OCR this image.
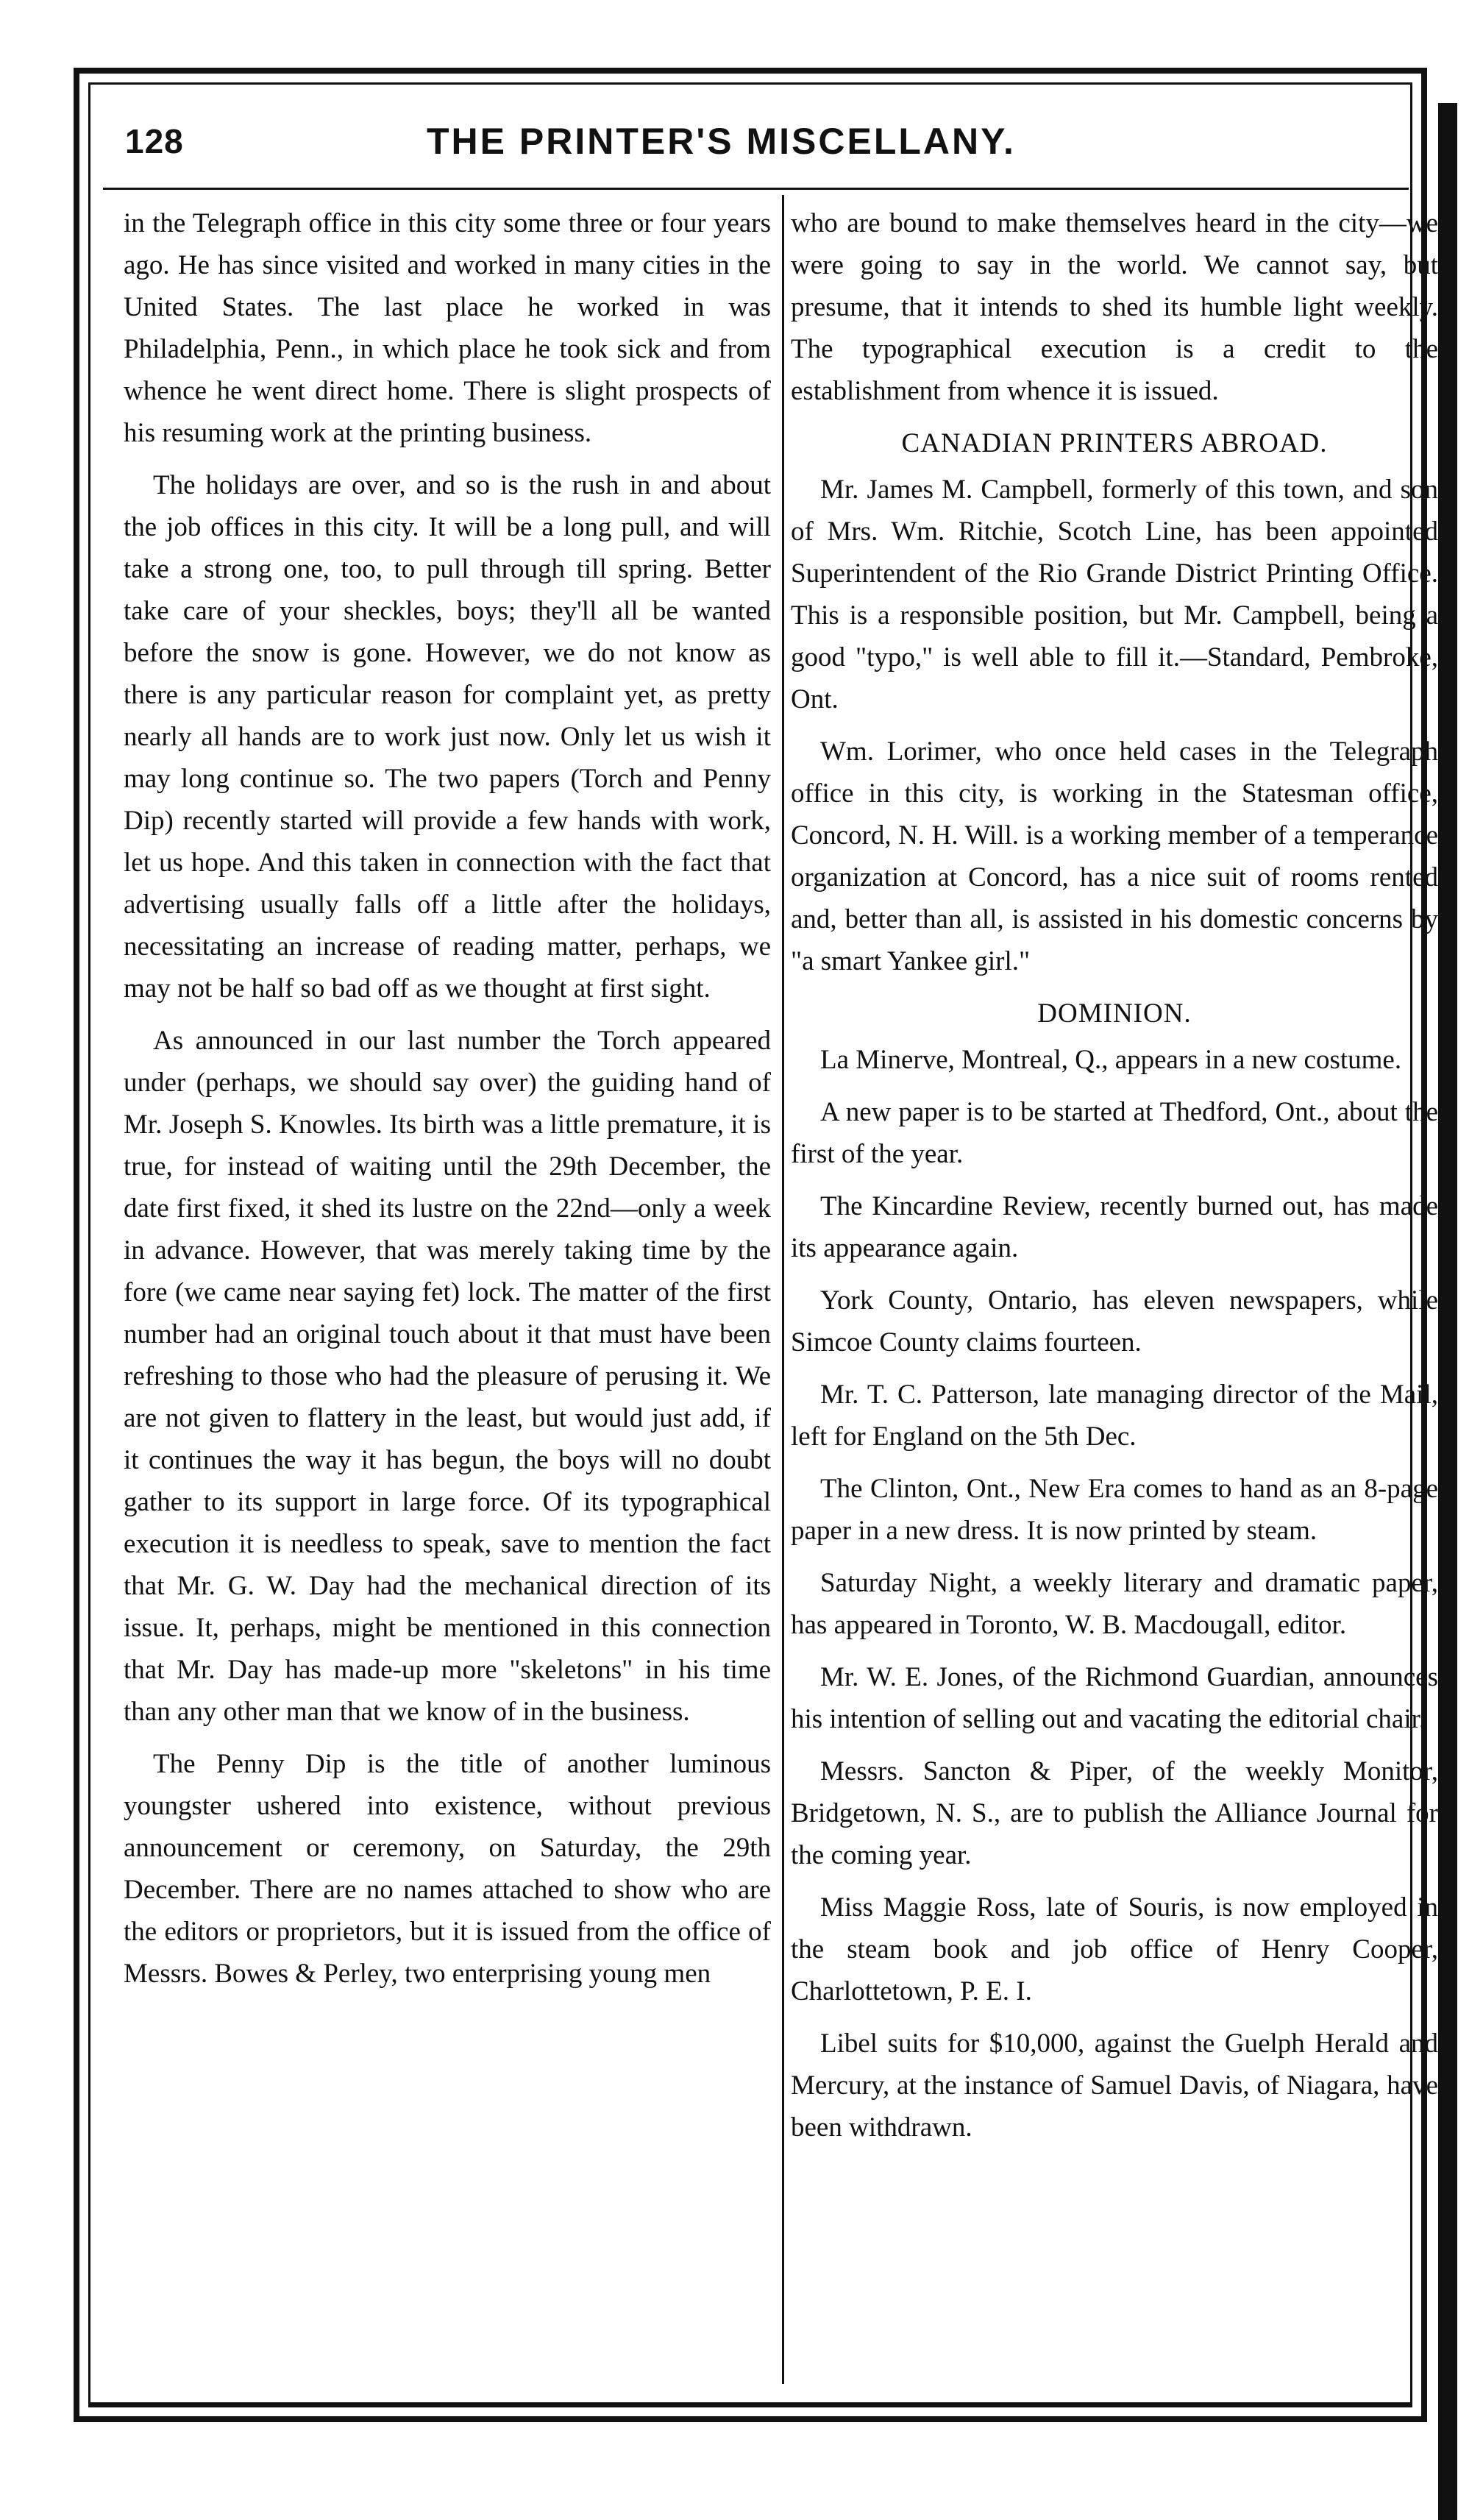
128	THE PRINTER'S MISCELLANY.

in the Telegraph office in this city some three or four years ago. He has since visited and worked in many cities in the United States. The last place he worked in was Philadelphia, Penn., in which place he took sick and from whence he went direct home. There is slight prospects of his resuming work at the printing business.

The holidays are over, and so is the rush in and about the job offices in this city. It will be a long pull, and will take a strong one, too, to pull through till spring. Better take care of your sheckles, boys; they'll all be wanted before the snow is gone. However, we do not know as there is any particular reason for complaint yet, as pretty nearly all hands are to work just now. Only let us wish it may long continue so. The two papers (Torch and Penny Dip) recently started will provide a few hands with work, let us hope. And this taken in connection with the fact that advertising usually falls off a little after the holidays, necessitating an increase of reading matter, perhaps, we may not be half so bad off as we thought at first sight.

As announced in our last number the Torch appeared under (perhaps, we should say over) the guiding hand of Mr. Joseph S. Knowles. Its birth was a little premature, it is true, for instead of waiting until the 29th December, the date first fixed, it shed its lustre on the 22nd—only a week in advance. However, that was merely taking time by the fore (we came near saying fet) lock. The matter of the first number had an original touch about it that must have been refreshing to those who had the pleasure of perusing it. We are not given to flattery in the least, but would just add, if it continues the way it has begun, the boys will no doubt gather to its support in large force. Of its typographical execution it is needless to speak, save to mention the fact that Mr. G. W. Day had the mechanical direction of its issue. It, perhaps, might be mentioned in this connection that Mr. Day has made-up more "skeletons" in his time than any other man that we know of in the business.

The Penny Dip is the title of another luminous youngster ushered into existence, without previous announcement or ceremony, on Saturday, the 29th December. There are no names attached to show who are the editors or proprietors, but it is issued from the office of Messrs. Bowes & Perley, two enterprising young men

who are bound to make themselves heard in the city—we were going to say in the world. We cannot say, but presume, that it intends to shed its humble light weekly. The typographical execution is a credit to the establishment from whence it is issued.

CANADIAN PRINTERS ABROAD.

Mr. James M. Campbell, formerly of this town, and son of Mrs. Wm. Ritchie, Scotch Line, has been appointed Superintendent of the Rio Grande District Printing Office. This is a responsible position, but Mr. Campbell, being a good "typo," is well able to fill it.—Standard, Pembroke, Ont.

Wm. Lorimer, who once held cases in the Telegraph office in this city, is working in the Statesman office, Concord, N. H. Will. is a working member of a temperance organization at Concord, has a nice suit of rooms rented and, better than all, is assisted in his domestic concerns by "a smart Yankee girl."

DOMINION.

La Minerve, Montreal, Q., appears in a new costume.

A new paper is to be started at Thedford, Ont., about the first of the year.

The Kincardine Review, recently burned out, has made its appearance again.

York County, Ontario, has eleven newspapers, while Simcoe County claims fourteen.

Mr. T. C. Patterson, late managing director of the Mail, left for England on the 5th Dec.

The Clinton, Ont., New Era comes to hand as an 8-page paper in a new dress. It is now printed by steam.

Saturday Night, a weekly literary and dramatic paper, has appeared in Toronto, W. B. Macdougall, editor.

Mr. W. E. Jones, of the Richmond Guardian, announces his intention of selling out and vacating the editorial chair.

Messrs. Sancton & Piper, of the weekly Monitor, Bridgetown, N. S., are to publish the Alliance Journal for the coming year.

Miss Maggie Ross, late of Souris, is now employed in the steam book and job office of Henry Cooper, Charlottetown, P. E. I.

Libel suits for $10,000, against the Guelph Herald and Mercury, at the instance of Samuel Davis, of Niagara, have been withdrawn.
